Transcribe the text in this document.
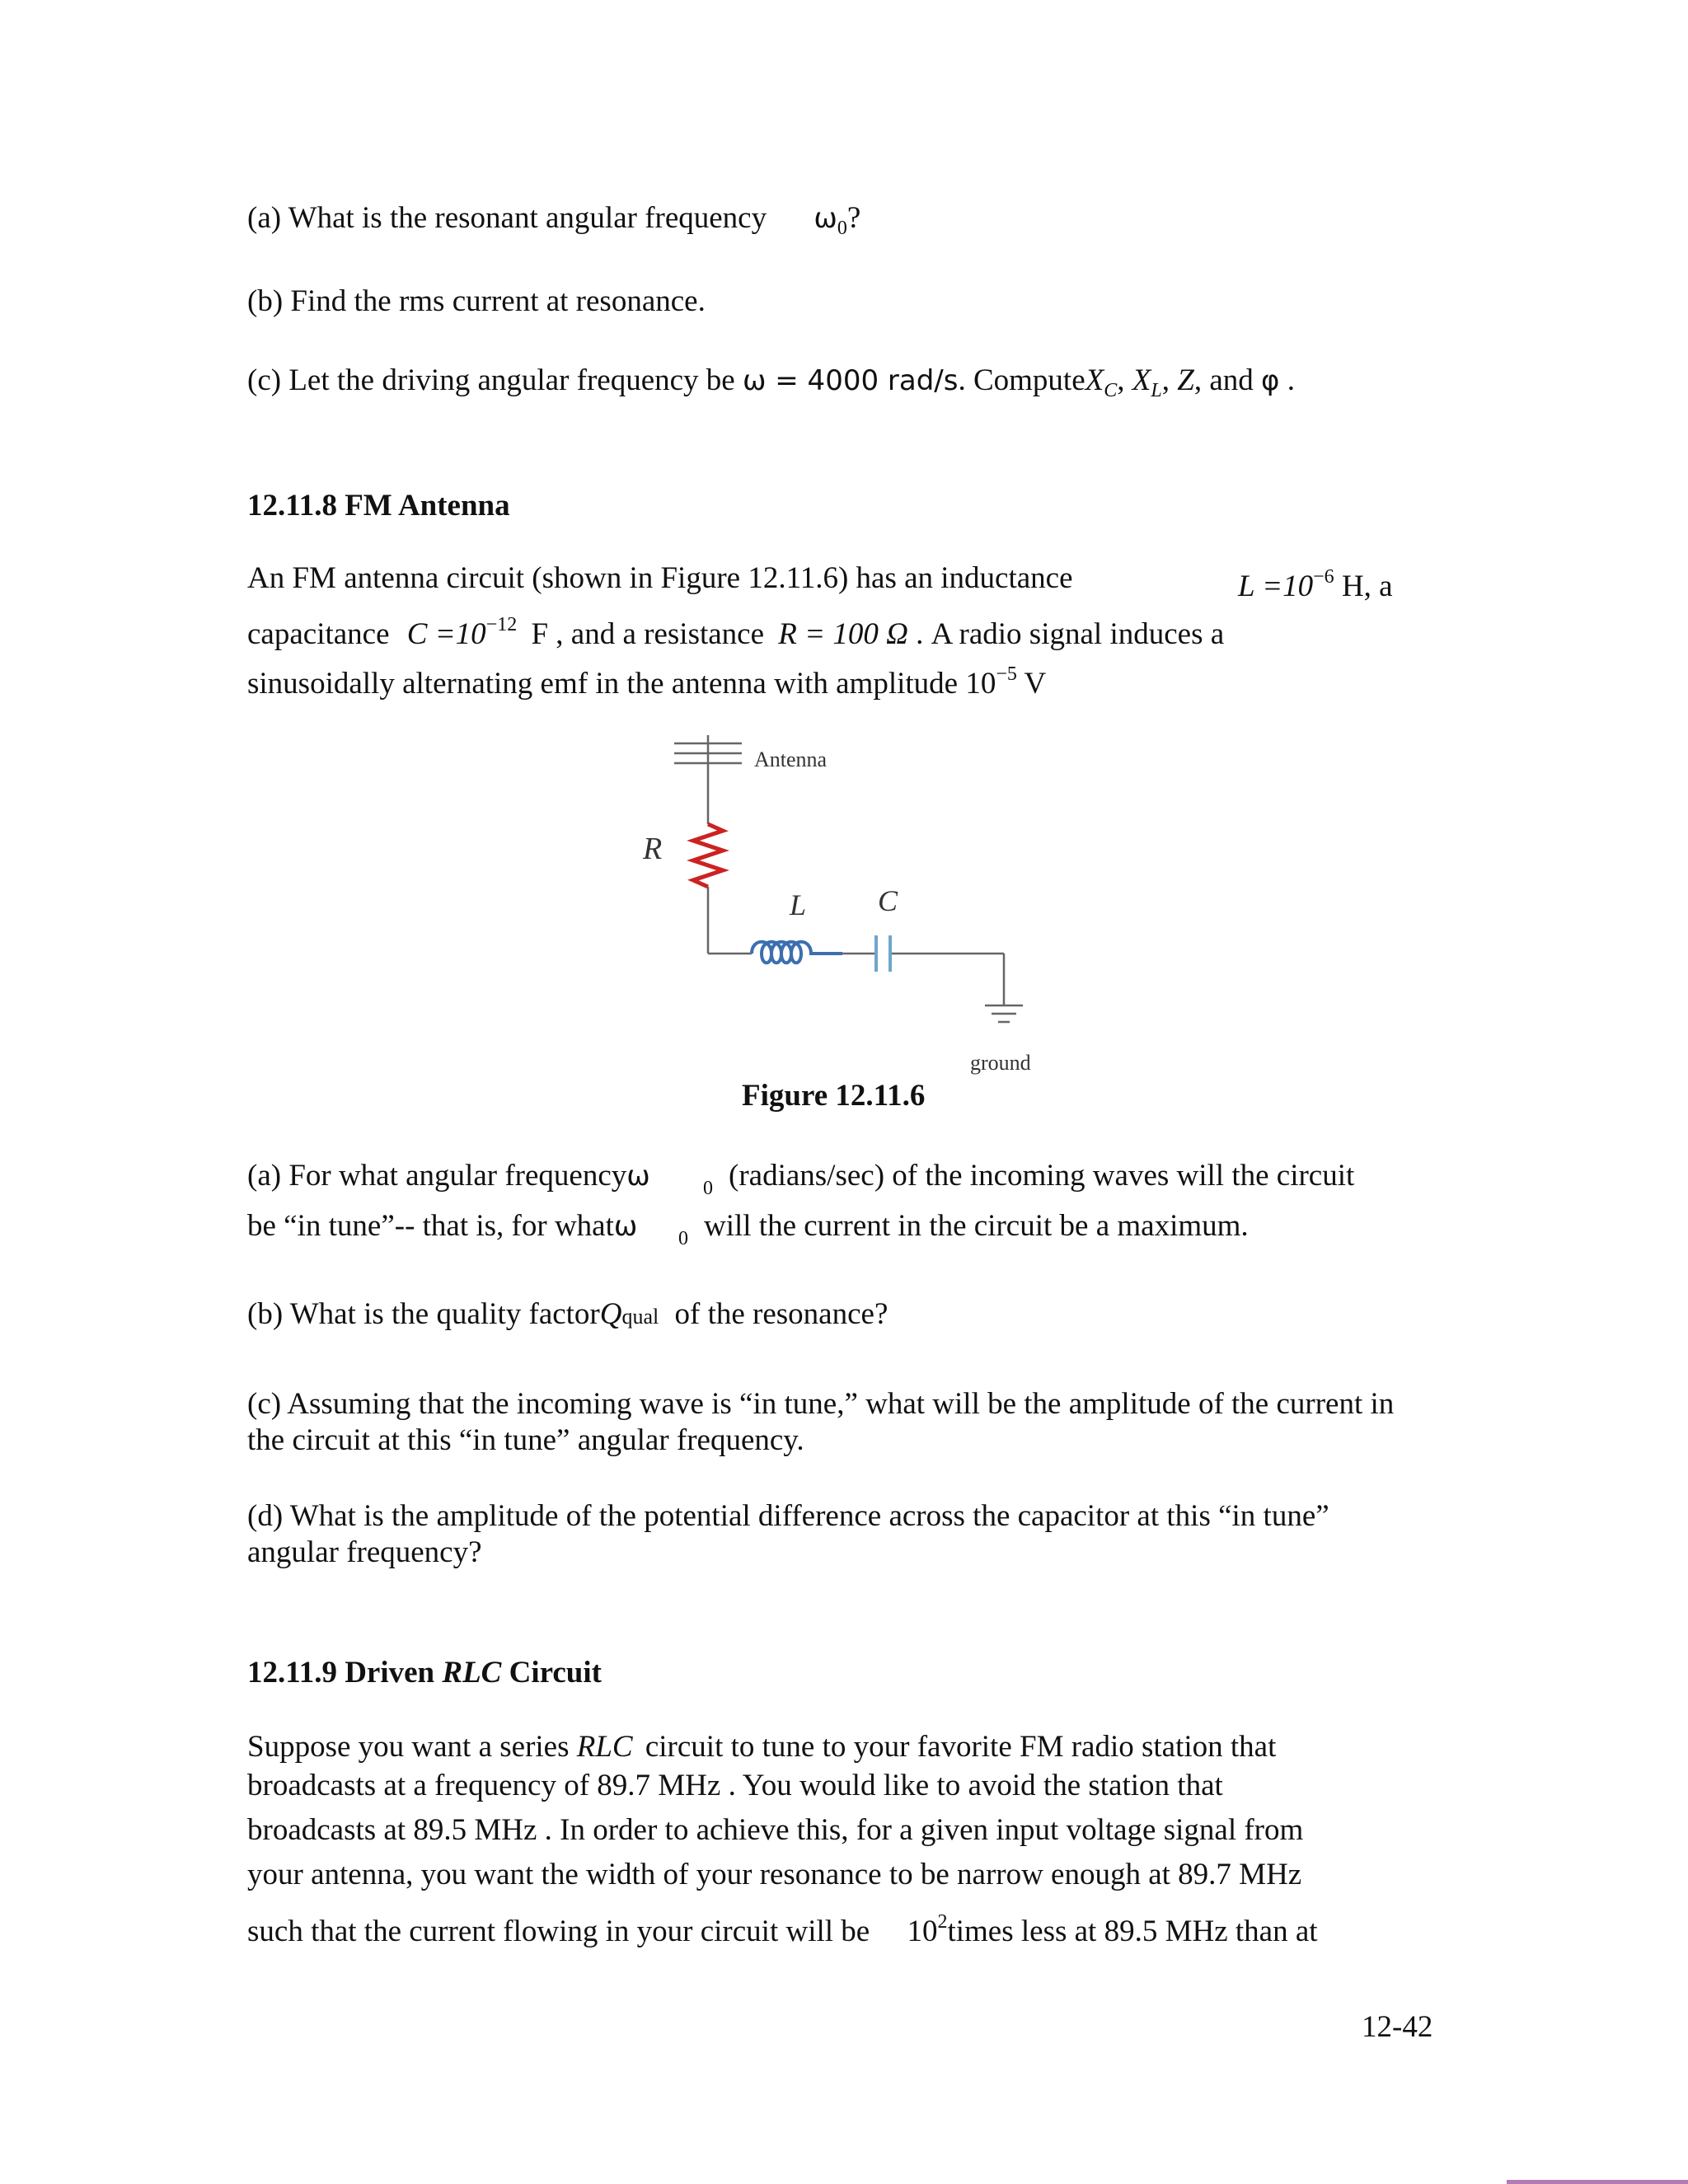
(a) What is the resonant angular frequency $\omega_0$?
(b) Find the rms current at resonance.
(c) Let the driving angular frequency be ω = 4000 rad/s. ComputeX$_C$, $X_L$, Z, and φ .
12.11.8 FM Antenna
An FM antenna circuit (shown in Figure 12.11.6) has an inductance	$L =10^{-6}$ H, a
capacitance $C =10^{-12}$ F , and a resistance R = 100 Ω . A radio signal induces a
sinusoidally alternating emf in the antenna with amplitude $10^{-5}$ V
Antenna
R
L C
ground
Figure 12.11.6
(a) For what angular frequencyω	0 (radians/sec) of the incoming waves will the circuit
be “in tune”-- that is, for whatω 0 will the current in the circuit be a maximum.
(b) What is the quality factorQqual of the resonance?
(c) Assuming that the incoming wave is “in tune,” what will be the amplitude of the current in the circuit at this “in tune” angular frequency.
(d) What is the amplitude of the potential difference across the capacitor at this “in tune” angular frequency?
12.11.9 Driven RLC Circuit
Suppose you want a series RLC circuit to tune to your favorite FM radio station that
broadcasts at a frequency of 89.7 MHz . You would like to avoid the station that
broadcasts at 89.5 MHz . In order to achieve this, for a given input voltage signal from
your antenna, you want the width of your resonance to be narrow enough at 89.7 MHz
such that the current flowing in your circuit will be $10^2times$ less at 89.5 MHz than at
12-42
